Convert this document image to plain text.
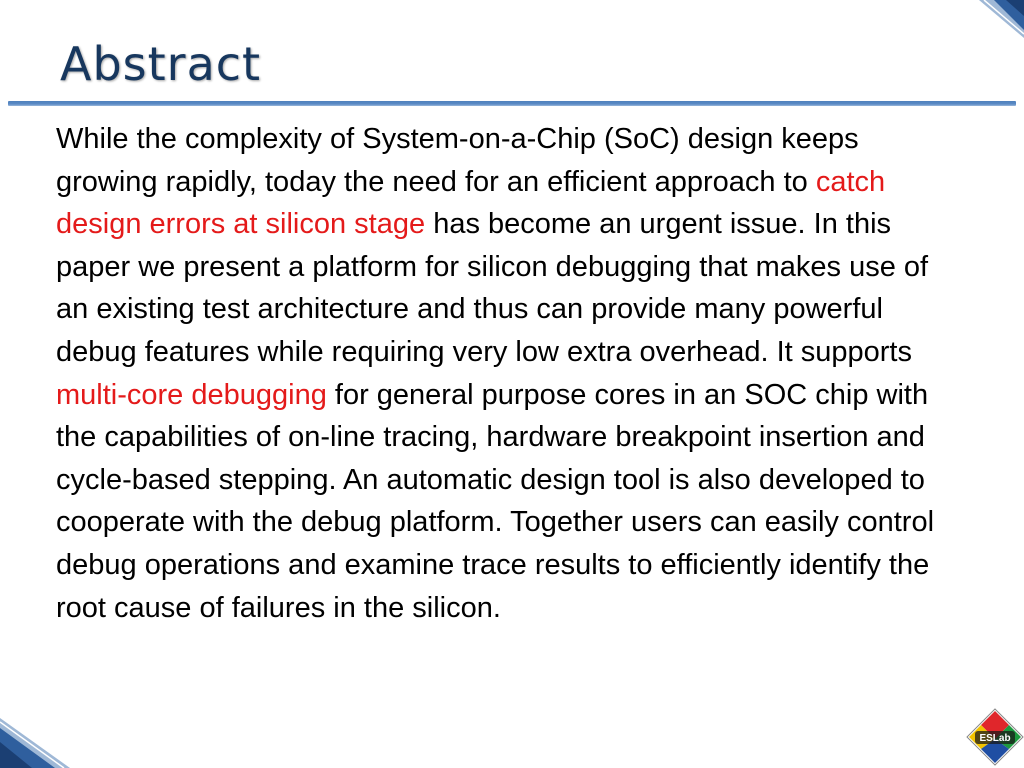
Abstract

While the complexity of System-on-a-Chip (SoC) design keeps growing rapidly, today the need for an efficient approach to catch design errors at silicon stage has become an urgent issue. In this paper we present a platform for silicon debugging that makes use of an existing test architecture and thus can provide many powerful debug features while requiring very low extra overhead. It supports multi-core debugging for general purpose cores in an SOC chip with the capabilities of on-line tracing, hardware breakpoint insertion and cycle-based stepping. An automatic design tool is also developed to cooperate with the debug platform. Together users can easily control debug operations and examine trace results to efficiently identify the root cause of failures in the silicon.

ESLab
